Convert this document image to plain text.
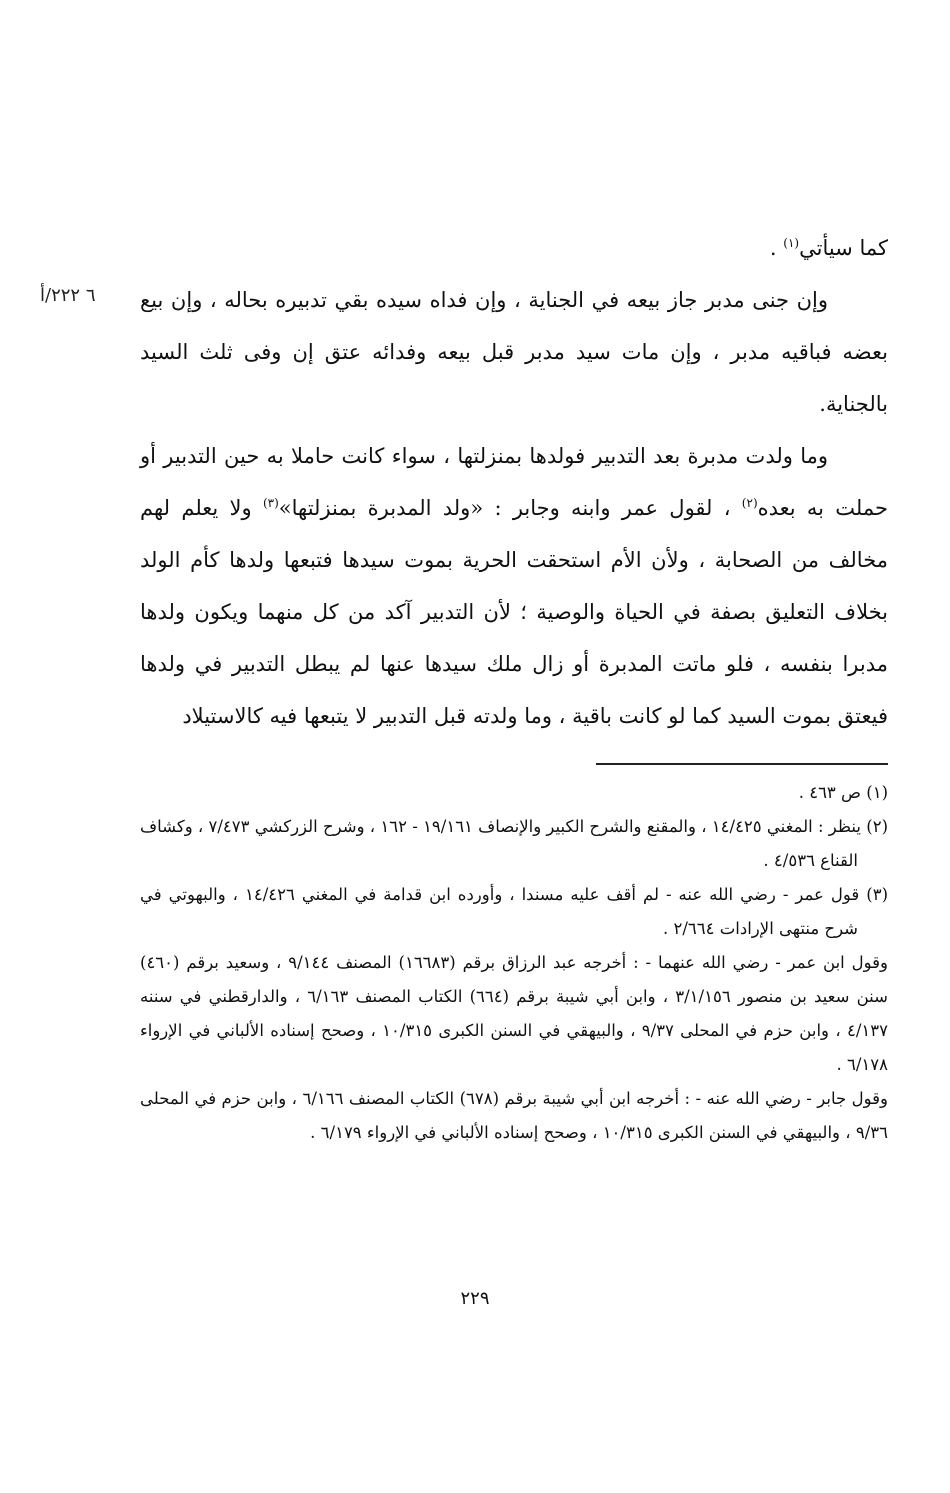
٦ ٢٢٢/أ

كما سيأتي$^{(١)}$ .

وإن جنى مدبر جاز بيعه في الجناية ، وإن فداه سيده بقي تدبيره بحاله ، وإن بيع بعضه فباقيه مدبر ، وإن مات سيد مدبر قبل بيعه وفدائه عتق إن وفى ثلث السيد بالجناية.

وما ولدت مدبرة بعد التدبير فولدها بمنزلتها ، سواء كانت حاملا به حين التدبير أو حملت به بعده$^{(٢)}$ ، لقول عمر وابنه وجابر : «ولد المدبرة بمنزلتها»$^{(٣)}$ ولا يعلم لهم مخالف من الصحابة ، ولأن الأم استحقت الحرية بموت سيدها فتبعها ولدها كأم الولد بخلاف التعليق بصفة في الحياة والوصية ؛ لأن التدبير آكد من كل منهما ويكون ولدها مدبرا بنفسه ، فلو ماتت المدبرة أو زال ملك سيدها عنها لم يبطل التدبير في ولدها فيعتق بموت السيد كما لو كانت باقية ، وما ولدته قبل التدبير لا يتبعها فيه كالاستيلاد

(١) ص ٤٦٣ .

(٢) ينظر : المغني ١٤/٤٢٥ ، والمقنع والشرح الكبير والإنصاف ١٩/١٦١ - ١٦٢ ، وشرح الزركشي ٧/٤٧٣ ، وكشاف القناع ٤/٥٣٦ .

(٣) قول عمر - رضي الله عنه - لم أقف عليه مسندا ، وأورده ابن قدامة في المغني ١٤/٤٢٦ ، والبهوتي في شرح منتهى الإرادات ٢/٦٦٤ .

وقول ابن عمر - رضي الله عنهما - : أخرجه عبد الرزاق برقم (١٦٦٨٣) المصنف ٩/١٤٤ ، وسعيد برقم (٤٦٠) سنن سعيد بن منصور ٣/١/١٥٦ ، وابن أبي شيبة برقم (٦٦٤) الكتاب المصنف ٦/١٦٣ ، والدارقطني في سننه ٤/١٣٧ ، وابن حزم في المحلى ٩/٣٧ ، والبيهقي في السنن الكبرى ١٠/٣١٥ ، وصحح إسناده الألباني في الإرواء ٦/١٧٨ .

وقول جابر - رضي الله عنه - : أخرجه ابن أبي شيبة برقم (٦٧٨) الكتاب المصنف ٦/١٦٦ ، وابن حزم في المحلى ٩/٣٦ ، والبيهقي في السنن الكبرى ١٠/٣١٥ ، وصحح إسناده الألباني في الإرواء ٦/١٧٩ .

٢٢٩
